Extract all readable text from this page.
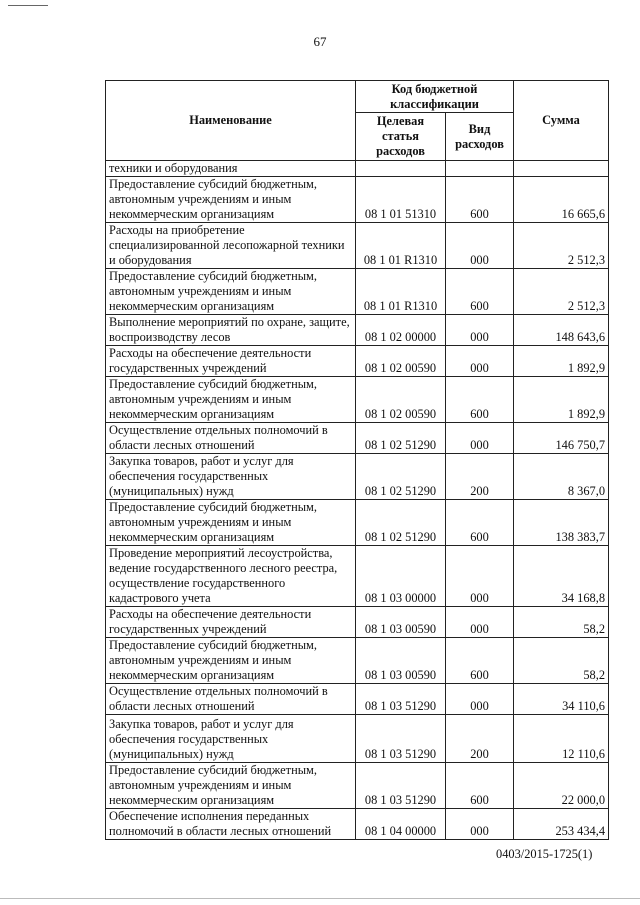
67
Наименование	Код бюджетной классификации		Сумма
	Целевая статья расходов	Вид расходов	
техники и оборудования			
Предоставление субсидий бюджетным, автономным учреждениям и иным некоммерческим организациям	08 1 01 51310	600	16 665,6
Расходы на приобретение специализированной лесопожарной техники и оборудования	08 1 01 R1310	000	2 512,3
Предоставление субсидий бюджетным, автономным учреждениям и иным некоммерческим организациям	08 1 01 R1310	600	2 512,3
Выполнение мероприятий по охране, защите, воспроизводству лесов	08 1 02 00000	000	148 643,6
Расходы на обеспечение деятельности государственных учреждений	08 1 02 00590	000	1 892,9
Предоставление субсидий бюджетным, автономным учреждениям и иным некоммерческим организациям	08 1 02 00590	600	1 892,9
Осуществление отдельных полномочий в области лесных отношений	08 1 02 51290	000	146 750,7
Закупка товаров, работ и услуг для обеспечения государственных (муниципальных) нужд	08 1 02 51290	200	8 367,0
Предоставление субсидий бюджетным, автономным учреждениям и иным некоммерческим организациям	08 1 02 51290	600	138 383,7
Проведение мероприятий лесоустройства, ведение государственного лесного реестра, осуществление государственного кадастрового учета	08 1 03 00000	000	34 168,8
Расходы на обеспечение деятельности государственных учреждений	08 1 03 00590	000	58,2
Предоставление субсидий бюджетным, автономным учреждениям и иным некоммерческим организациям	08 1 03 00590	600	58,2
Осуществление отдельных полномочий в области лесных отношений	08 1 03 51290	000	34 110,6
Закупка товаров, работ и услуг для обеспечения государственных (муниципальных) нужд	08 1 03 51290	200	12 110,6
Предоставление субсидий бюджетным, автономным учреждениям и иным некоммерческим организациям	08 1 03 51290	600	22 000,0
Обеспечение исполнения переданных полномочий в области лесных отношений	08 1 04 00000	000	253 434,4
0403/2015-1725(1)
